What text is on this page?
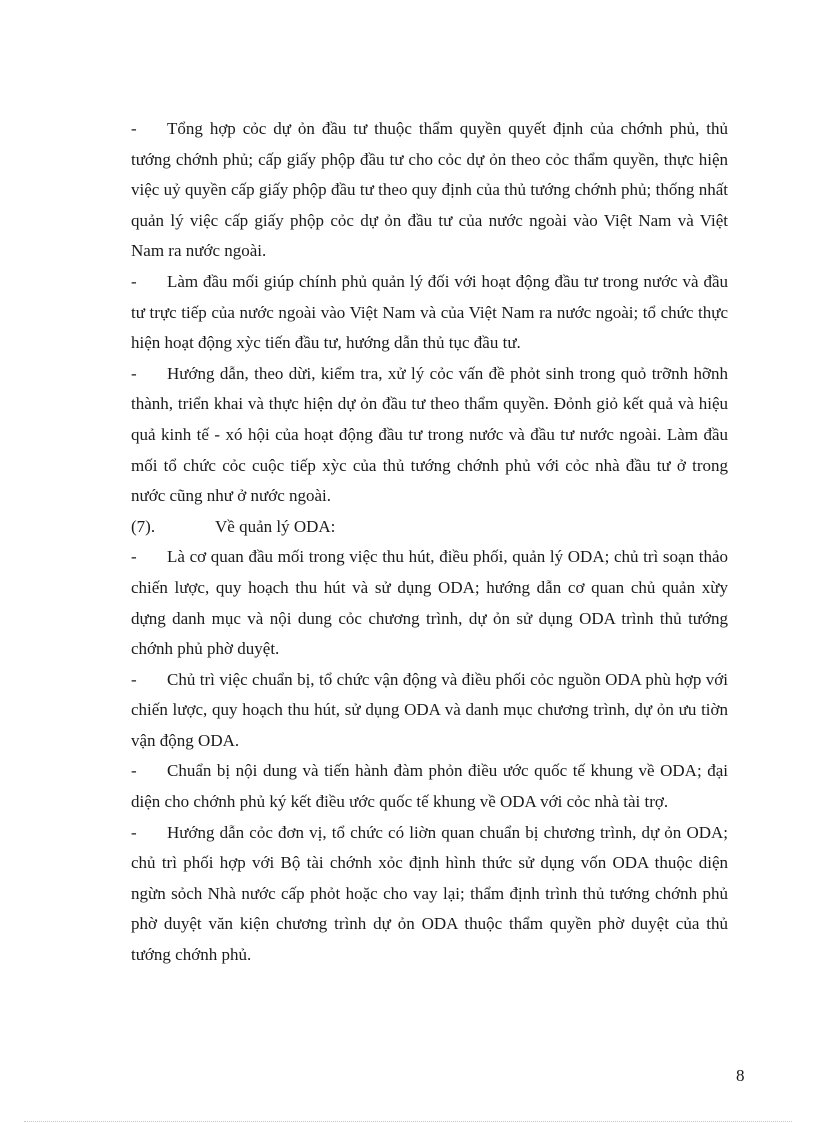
- Tổng hợp cỏc dự ỏn đầu tư thuộc thẩm quyền quyết định của chớnh phủ, thủ tướng chớnh phủ; cấp giấy phộp đầu tư cho cỏc dự ỏn theo cỏc thẩm quyền, thực hiện việc uỷ quyền cấp giấy phộp đầu tư theo quy định của thủ tướng chớnh phủ; thống nhất quản lý việc cấp giấy phộp cỏc dự ỏn đầu tư của nước ngoài vào Việt Nam và Việt Nam ra nước ngoài.

- Làm đầu mối giúp chính phủ quản lý đối với hoạt động đầu tư trong nước và đầu tư trực tiếp của nước ngoài vào Việt Nam và của Việt Nam ra nước ngoài; tổ chức thực hiện hoạt động xỳc tiến đầu tư, hướng dẫn thủ tục đầu tư.

- Hướng dẫn, theo dừi, kiểm tra, xử lý cỏc vấn đề phỏt sinh trong quỏ trỡnh hỡnh thành, triển khai và thực hiện dự ỏn đầu tư theo thẩm quyền. Đỏnh giỏ kết quả và hiệu quả kinh tế - xó hội của hoạt động đầu tư trong nước và đầu tư nước ngoài. Làm đầu mối tổ chức cỏc cuộc tiếp xỳc của thủ tướng chớnh phủ với cỏc nhà đầu tư ở trong nước cũng như ở nước ngoài.

(7).	Về quản lý ODA:

- Là cơ quan đầu mối trong việc thu hút, điều phối, quản lý ODA; chủ trì soạn thảo chiến lược, quy hoạch thu hút và sử dụng ODA; hướng dẫn cơ quan chủ quản xừy dựng danh mục và nội dung cỏc chương trình, dự ỏn sử dụng ODA trình thủ tướng chớnh phủ phờ duyệt.

- Chủ trì việc chuẩn bị, tổ chức vận động và điều phối cỏc nguồn ODA phù hợp với chiến lược, quy hoạch thu hút, sử dụng ODA và danh mục chương trình, dự ỏn ưu tiờn vận động ODA.

- Chuẩn bị nội dung và tiến hành đàm phỏn điều ước quốc tế khung về ODA; đại diện cho chớnh phủ ký kết điều ước quốc tế khung về ODA với cỏc nhà tài trợ.

- Hướng dẫn cỏc đơn vị, tổ chức có liờn quan chuẩn bị chương trình, dự ỏn ODA; chủ trì phối hợp với Bộ tài chớnh xỏc định hình thức sử dụng vốn ODA thuộc diện ngừn sỏch Nhà nước cấp phỏt hoặc cho vay lại; thẩm định trình thủ tướng chớnh phủ phờ duyệt văn kiện chương trình dự ỏn ODA thuộc thẩm quyền phờ duyệt của thủ tướng chớnh phủ.

8
